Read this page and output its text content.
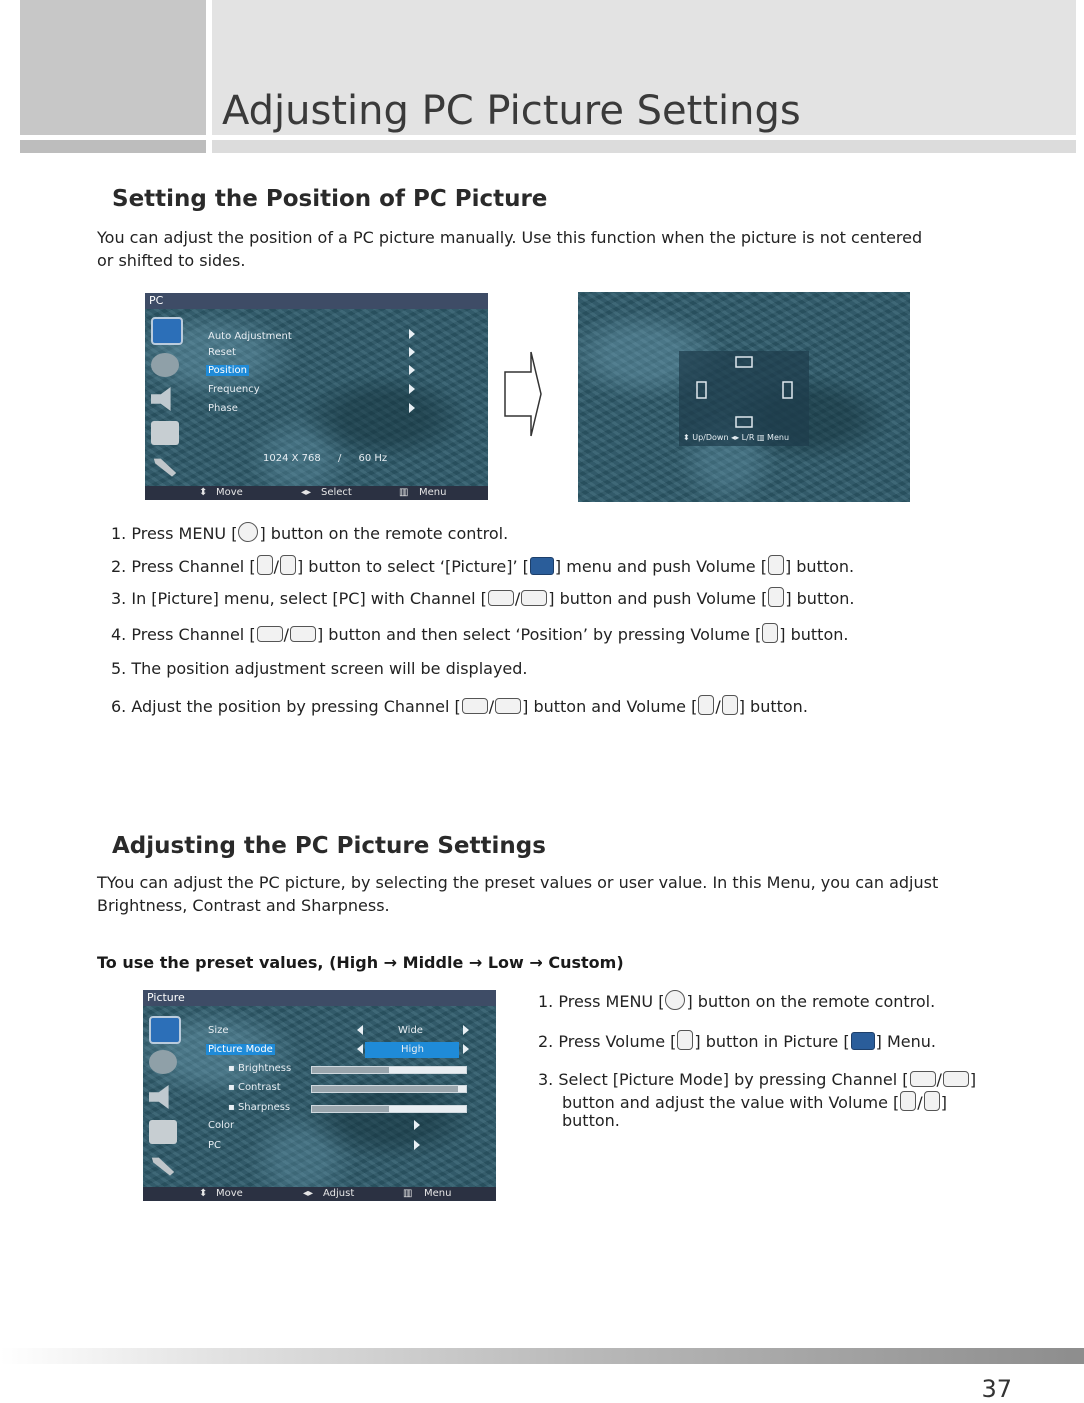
Adjusting PC Picture Settings
Setting the Position of PC Picture
You can adjust the position of a PC picture manually. Use this function when the picture is not centered
or shifted to sides.
PC
Auto Adjustment
Reset
Position
Frequency
Phase
1024 X 768 / 60 Hz
⬍ Move	◂▸ Select	▥ Menu
⬍ Up/Down ◂▸ L/R ▥ Menu
1. Press MENU [ ] button on the remote control.
2. Press Channel [ / ] button to select ‘[Picture]’ [ ] menu and push Volume [ ] button.
3. In [Picture] menu, select [PC] with Channel [ / ] button and push Volume [ ] button.
4. Press Channel [ / ] button and then select ‘Position’ by pressing Volume [ ] button.
5. The position adjustment screen will be displayed.
6. Adjust the position by pressing Channel [ / ] button and Volume [ / ] button.
Adjusting the PC Picture Settings
TYou can adjust the PC picture, by selecting the preset values or user value. In this Menu, you can adjust
Brightness, Contrast and Sharpness.
To use the preset values, (High → Middle → Low → Custom)
Picture
Size	Wide
Picture Mode	High
▪ Brightness
▪ Contrast
▪ Sharpness
Color
PC
⬍ Move	◂▸ Adjust	▥ Menu
1. Press MENU [ ] button on the remote control.
2. Press Volume [ ] button in Picture [ ] Menu.
3. Select [Picture Mode] by pressing Channel [ / ]
button and adjust the value with Volume [ / ]
button.
37
